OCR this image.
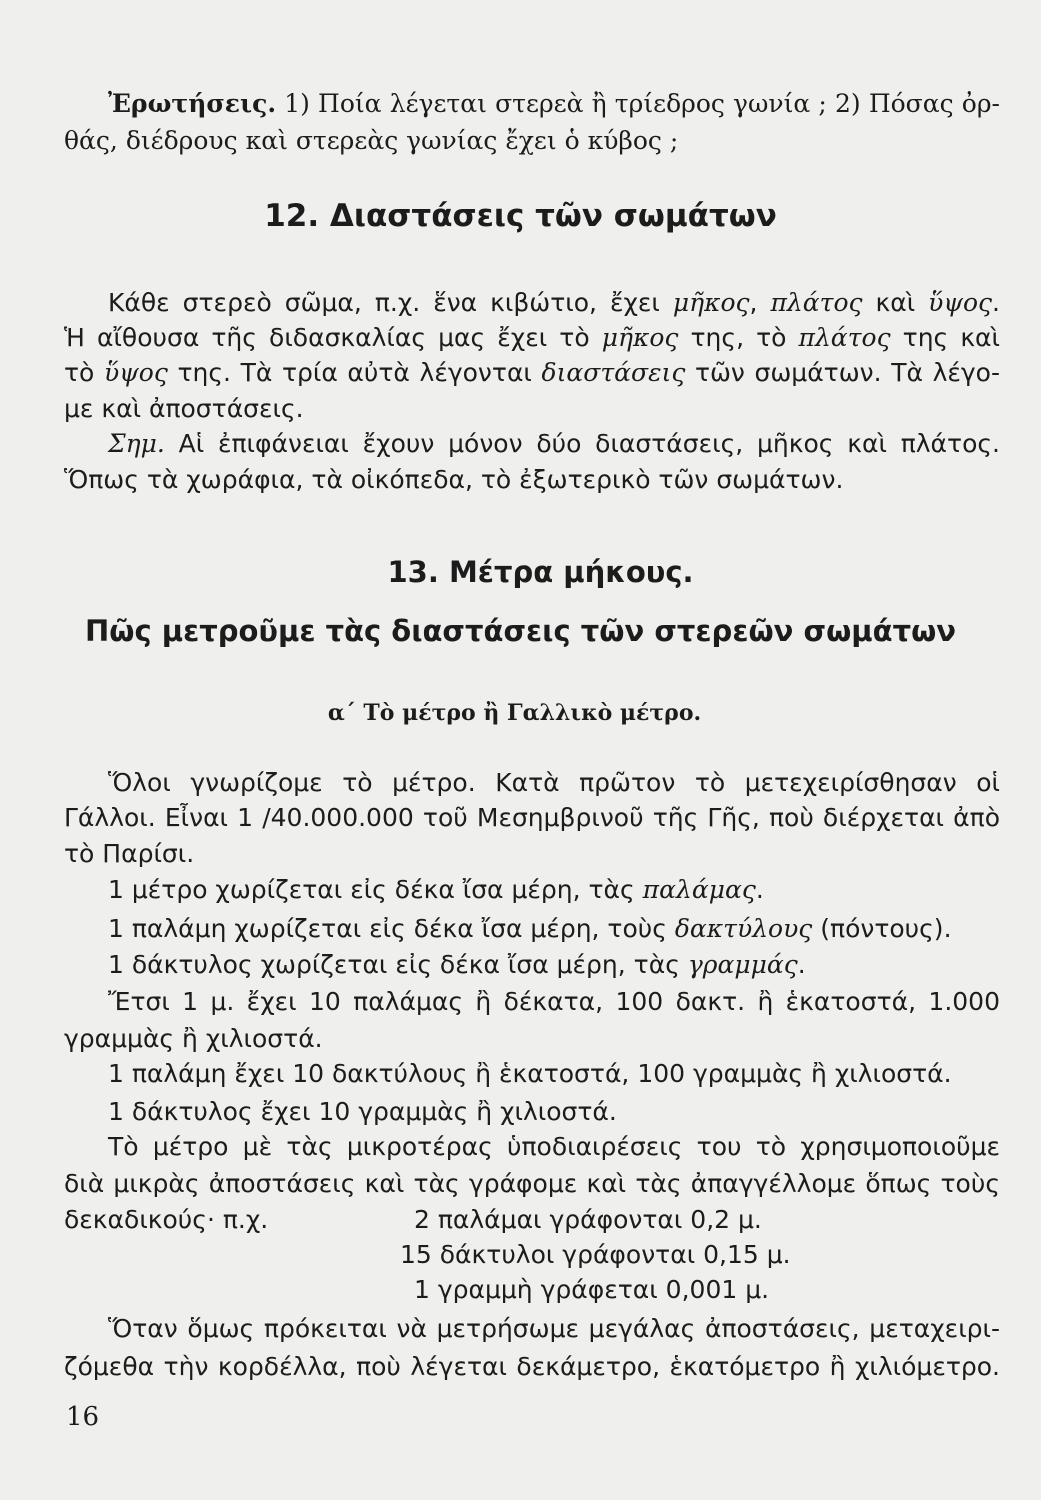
Ἐρωτήσεις. 1) Ποία λέγεται στερεὰ ἢ τρίεδρος γωνία ; 2) Πόσας ὀρ-
θάς, διέδρους καὶ στερεὰς γωνίας ἔχει ὁ κύβος ;
12. Διαστάσεις τῶν σωμάτων
Κάθε στερεὸ σῶμα, π.χ. ἕνα κιβώτιο, ἔχει μῆκος, πλάτος καὶ ὕψος.
Ἡ αἴθουσα τῆς διδασκαλίας μας ἔχει τὸ μῆκος της, τὸ πλάτος της καὶ
τὸ ὕψος της. Τὰ τρία αὐτὰ λέγονται διαστάσεις τῶν σωμάτων. Τὰ λέγο-
με καὶ ἀποστάσεις.
Σημ. Αἱ ἐπιφάνειαι ἔχουν μόνον δύο διαστάσεις, μῆκος καὶ πλάτος.
Ὅπως τὰ χωράφια, τὰ οἰκόπεδα, τὸ ἐξωτερικὸ τῶν σωμάτων.
13. Μέτρα μήκους.
Πῶς μετροῦμε τὰς διαστάσεις τῶν στερεῶν σωμάτων
α΄ Τὸ μέτρο ἢ Γαλλικὸ μέτρο.
Ὅλοι γνωρίζομε τὸ μέτρο. Κατὰ πρῶτον τὸ μετεχειρίσθησαν οἱ
Γάλλοι. Εἶναι 1 /40.000.000 τοῦ Μεσημβρινοῦ τῆς Γῆς, ποὺ διέρχεται ἀπὸ
τὸ Παρίσι.
1 μέτρο χωρίζεται εἰς δέκα ἴσα μέρη, τὰς παλάμας.
1 παλάμη χωρίζεται εἰς δέκα ἴσα μέρη, τοὺς δακτύλους (πόντους).
1 δάκτυλος χωρίζεται εἰς δέκα ἴσα μέρη, τὰς γραμμάς.
Ἔτσι 1 μ. ἔχει 10 παλάμας ἢ δέκατα, 100 δακτ. ἢ ἑκατοστά, 1.000
γραμμὰς ἢ χιλιοστά.
1 παλάμη ἔχει 10 δακτύλους ἢ ἑκατοστά, 100 γραμμὰς ἢ χιλιοστά.
1 δάκτυλος ἔχει 10 γραμμὰς ἢ χιλιοστά.
Τὸ μέτρο μὲ τὰς μικροτέρας ὑποδιαιρέσεις του τὸ χρησιμοποιοῦμε
διὰ μικρὰς ἀποστάσεις καὶ τὰς γράφομε καὶ τὰς ἀπαγγέλλομε ὅπως τοὺς
δεκαδικούς· π.χ.	2 παλάμαι γράφονται 0,2 μ.
15 δάκτυλοι γράφονται 0,15 μ.
1 γραμμὴ γράφεται 0,001 μ.
Ὅταν ὅμως πρόκειται νὰ μετρήσωμε μεγάλας ἀποστάσεις, μεταχειρι-
ζόμεθα τὴν κορδέλλα, ποὺ λέγεται δεκάμετρο, ἑκατόμετρο ἢ χιλιόμετρο.
16
